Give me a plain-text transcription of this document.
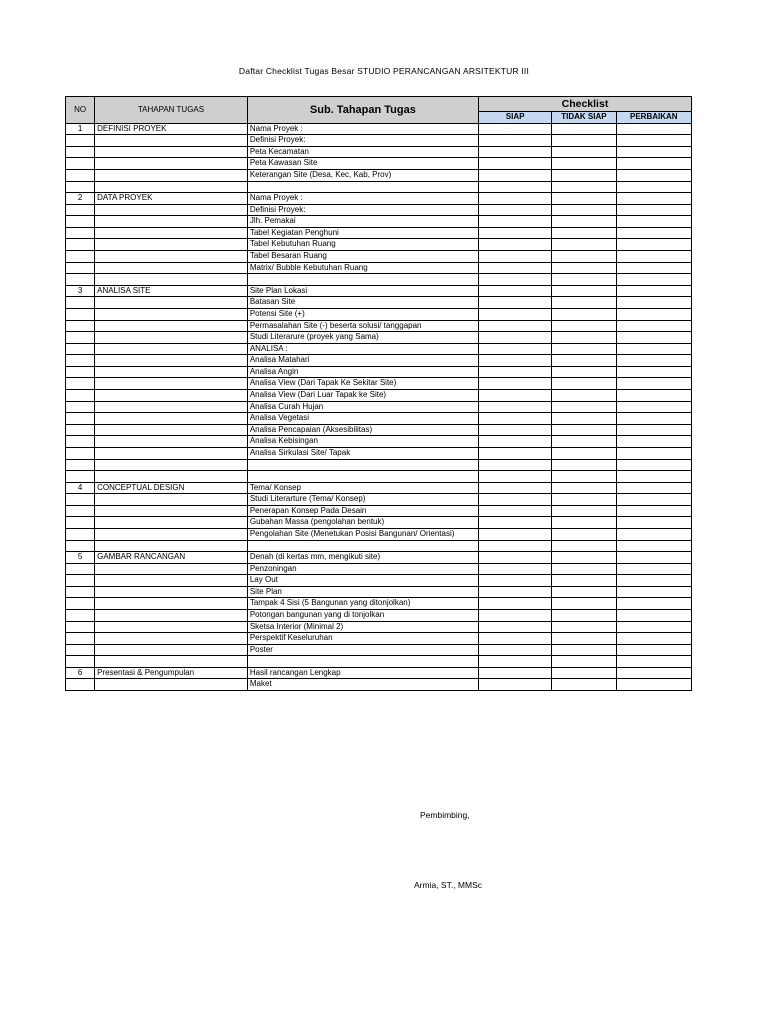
Daftar Checklist Tugas Besar STUDIO PERANCANGAN ARSITEKTUR III
NO	TAHAPAN TUGAS	Sub. Tahapan Tugas	Checklist		
			SIAP	TIDAK SIAP	PERBAIKAN
1	DEFINISI PROYEK	Nama Proyek :			
		Definisi Proyek:			
		Peta Kecamatan			
		Peta Kawasan Site			
		Keterangan Site (Desa, Kec, Kab, Prov)			

2	DATA PROYEK	Nama Proyek :			
		Definisi Proyek:			
		Jlh. Pemakai			
		Tabel Kegiatan Penghuni			
		Tabel Kebutuhan Ruang			
		Tabel Besaran Ruang			
		Matrix/ Bubble Kebutuhan Ruang			

3	ANALISA SITE	Site Plan Lokasi			
		Batasan Site			
		Potensi Site (+)			
		Permasalahan Site (-) beserta solusi/ tanggapan			
		Studi Literarure (proyek yang Sama)			
		ANALISA :			
		Analisa Matahari			
		Analisa Angin			
		Analisa View (Dari Tapak Ke Sekitar Site)			
		Analisa View (Dari Luar Tapak ke Site)			
		Analisa Curah Hujan			
		Analisa Vegetasi			
		Analisa Pencapaian (Aksesibilitas)			
		Analisa Kebisingan			
		Analisa Sirkulasi Site/ Tapak			

4	CONCEPTUAL DESIGN	Tema/ Konsep			
		Studi Literarture (Tema/ Konsep)			
		Penerapan Konsep Pada Desain			
		Gubahan Massa (pengolahan bentuk)			
		Pengolahan Site (Menetukan Posisi Bangunan/ Orientasi)			

5	GAMBAR RANCANGAN	Denah (di kertas mm, mengikuti site)			
		Penzoningan			
		Lay Out			
		Site Plan			
		Tampak 4 Sisi (5 Bangunan yang ditonjolkan)			
		Potongan bangunan yang di tonjolkan			
		Sketsa Interior (Minimal 2)			
		Perspektif Keseluruhan			
		Poster			

6	Presentasi & Pengumpulan	Hasil rancangan Lengkap			
		Maket			
Pembimbing,
Armia, ST., MMSc
